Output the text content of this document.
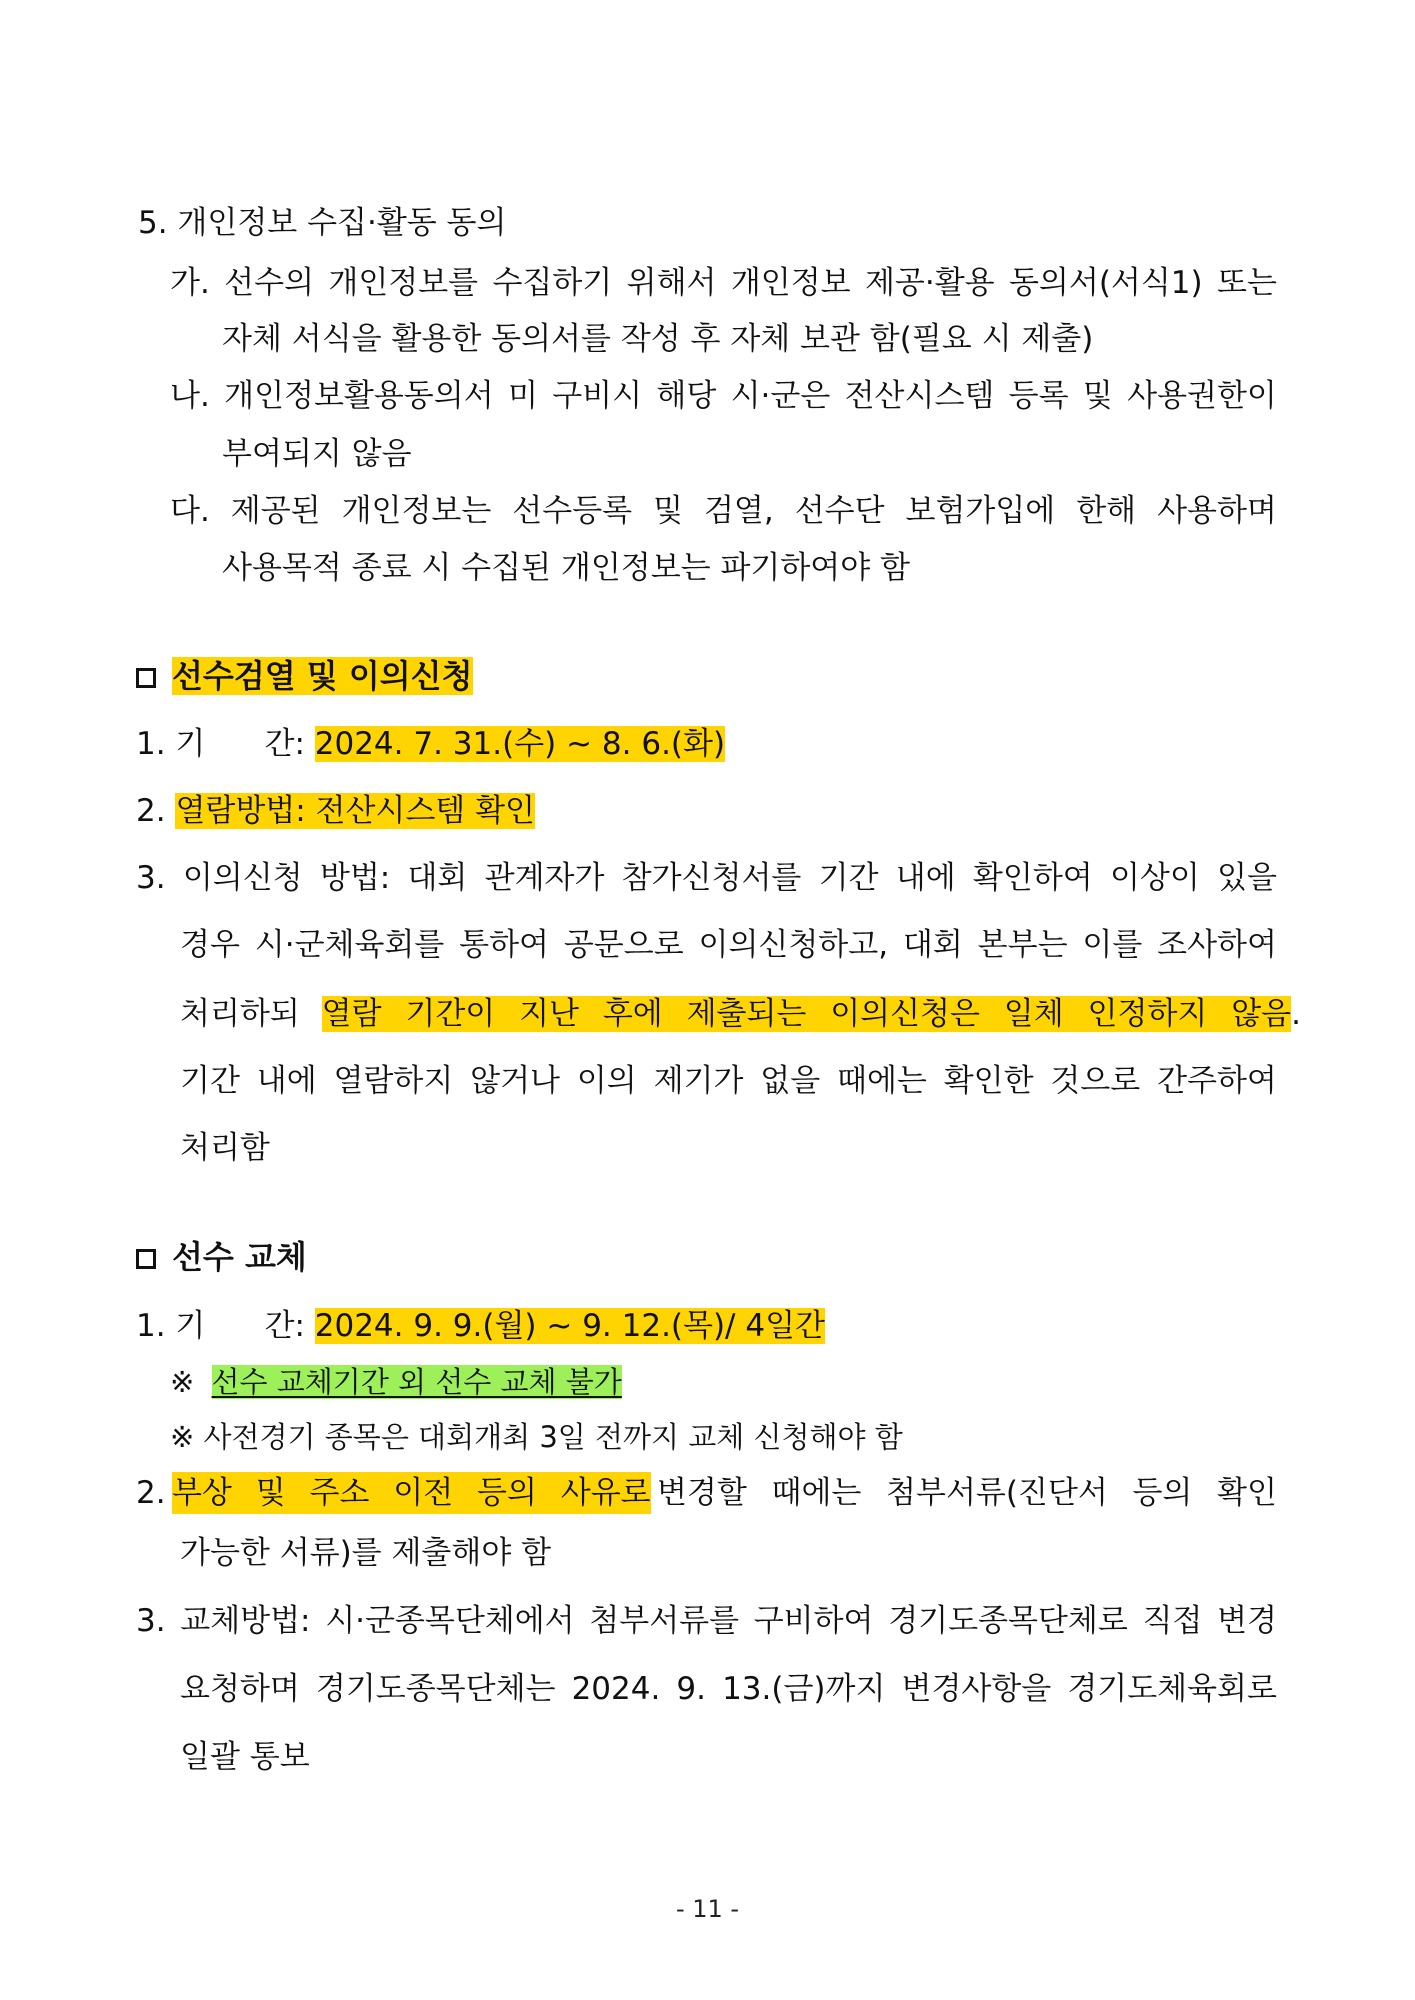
5. 개인정보 수집·활동 동의
가. 선수의 개인정보를 수집하기 위해서 개인정보 제공·활용 동의서(서식1) 또는
자체 서식을 활용한 동의서를 작성 후 자체 보관 함(필요 시 제출)
나. 개인정보활용동의서 미 구비시 해당 시·군은 전산시스템 등록 및 사용권한이
부여되지 않음
다. 제공된 개인정보는 선수등록 및 검열, 선수단 보험가입에 한해 사용하며
사용목적 종료 시 수집된 개인정보는 파기하여야 함
선수검열 및 이의신청
1. 기      간: 2024. 7. 31.(수) ~ 8. 6.(화)
2. 열람방법: 전산시스템 확인
3. 이의신청 방법: 대회 관계자가 참가신청서를 기간 내에 확인하여 이상이 있을
경우 시·군체육회를 통하여 공문으로 이의신청하고, 대회 본부는 이를 조사하여
처리하되 열람 기간이 지난 후에 제출되는 이의신청은 일체 인정하지 않음.
기간 내에 열람하지 않거나 이의 제기가 없을 때에는 확인한 것으로 간주하여
처리함
선수 교체
1. 기      간: 2024. 9. 9.(월) ~ 9. 12.(목)/ 4일간
※ 선수 교체기간 외 선수 교체 불가
※ 사전경기 종목은 대회개최 3일 전까지 교체 신청해야 함
2. 부상 및 주소 이전 등의 사유로 변경할 때에는 첨부서류(진단서 등의 확인
가능한 서류)를 제출해야 함
3. 교체방법: 시·군종목단체에서 첨부서류를 구비하여 경기도종목단체로 직접 변경
요청하며 경기도종목단체는 2024. 9. 13.(금)까지 변경사항을 경기도체육회로
일괄 통보
- 11 -
